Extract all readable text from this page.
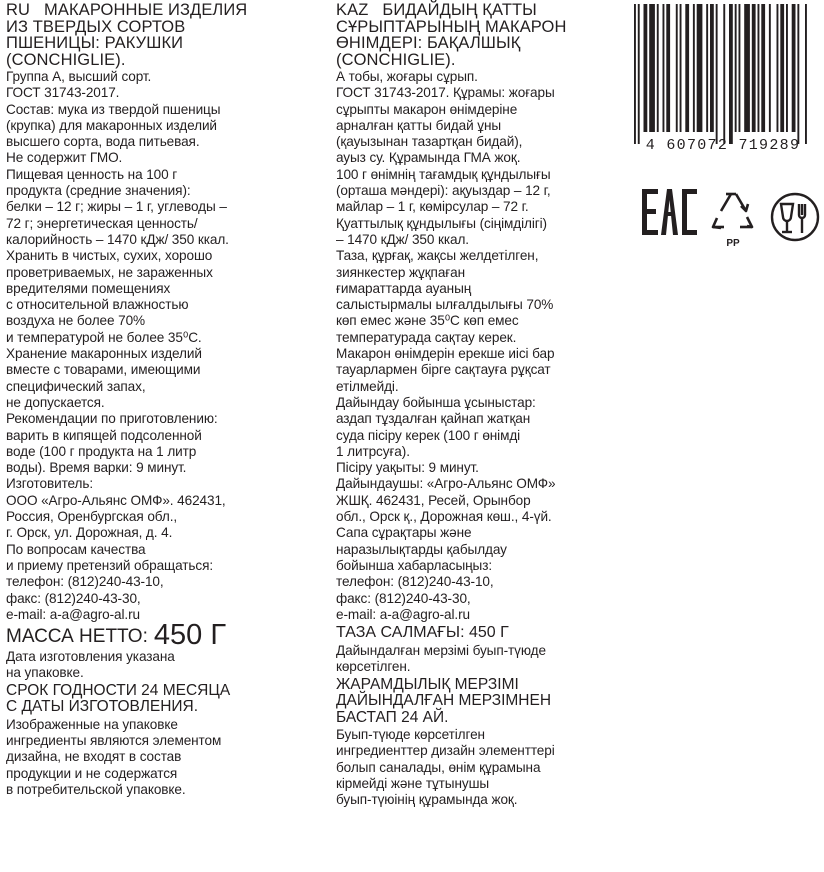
RU МАКАРОННЫЕ ИЗДЕЛИЯ
ИЗ ТВЕРДЫХ СОРТОВ
ПШЕНИЦЫ: РАКУШКИ
(CONCHIGLIE).
Группа А, высший сорт.
ГОСТ 31743-2017.
Состав: мука из твердой пшеницы
(крупка) для макаронных изделий
высшего сорта, вода питьевая.
Не содержит ГМО.
Пищевая ценность на 100 г
продукта (средние значения):
белки – 12 г; жиры – 1 г, углеводы –
72 г; энергетическая ценность/
калорийность – 1470 кДж/ 350 ккал.
Хранить в чистых, сухих, хорошо
проветриваемых, не зараженных
вредителями помещениях
с относительной влажностью
воздуха не более 70%
и температурой не более 35⁰С.
Хранение макаронных изделий
вместе с товарами, имеющими
специфический запах,
не допускается.
Рекомендации по приготовлению:
варить в кипящей подсоленной
воде (100 г продукта на 1 литр
воды). Время варки: 9 минут.
Изготовитель:
ООО «Агро-Альянс ОМФ». 462431,
Россия, Оренбургская обл.,
г. Орск, ул. Дорожная, д. 4.
По вопросам качества
и приему претензий обращаться:
телефон: (812)240-43-10,
факс: (812)240-43-30,
e-mail: a-a@agro-al.ru
МАССА НЕТТО: 450 Г
Дата изготовления указана
на упаковке.
СРОК ГОДНОСТИ 24 МЕСЯЦА
С ДАТЫ ИЗГОТОВЛЕНИЯ.
Изображенные на упаковке
ингредиенты являются элементом
дизайна, не входят в состав
продукции и не содержатся
в потребительской упаковке.
KAZ БИДАЙДЫҢ ҚАТТЫ
СҰРЫПТАРЫНЫҢ МАКАРОН
ӨНІМДЕРІ: БАҚАЛШЫҚ
(CONCHIGLIE).
А тобы, жоғары сұрып.
ГОСТ 31743-2017. Құрамы: жоғары
сұрыпты макарон өнімдеріне
арналған қатты бидай ұны
(қауызынан тазартқан бидай),
ауыз су. Құрамында ГМА жоқ.
100 г өнімнің тағамдық құндылығы
(орташа мәндері): ақуыздар – 12 г,
майлар – 1 г, көмірсулар – 72 г.
Қуаттылық құндылығы (сіңімділігі)
– 1470 кДж/ 350 ккал.
Таза, құрғақ, жақсы желдетілген,
зиянкестер жұқпаған
ғимараттарда ауаның
салыстырмалы ылғалдылығы 70%
көп емес және 35⁰С көп емес
температурада сақтау керек.
Макарон өнімдерін ерекше иісі бар
тауарлармен бірге сақтауға рұқсат
етілмейді.
Дайындау бойынша ұсыныстар:
аздап тұздалған қайнап жатқан
суда пісіру керек (100 г өнімді
1 литрсуға).
Пісіру уақыты: 9 минут.
Дайындаушы: «Агро-Альянс ОМФ»
ЖШҚ. 462431, Ресей, Орынбор
обл., Орск қ., Дорожная көш., 4-үй.
Сапа сұрақтары және
наразылықтарды қабылдау
бойынша хабарласыңыз:
телефон: (812)240-43-10,
факс: (812)240-43-30,
e-mail: a-a@agro-al.ru
ТАЗА САЛМАҒЫ: 450 Г
Дайындалған мерзімі буып-түюде
көрсетілген.
ЖАРАМДЫЛЫҚ МЕРЗІМІ
ДАЙЫНДАЛҒАН МЕРЗІМНЕН
БАСТАП 24 АЙ.
Буып-түюде көрсетілген
ингредиенттер дизайн элементтері
болып саналады, өнім құрамына
кірмейді және тұтынушы
буып-түюінің құрамында жоқ.
4 607072 719289
PP
